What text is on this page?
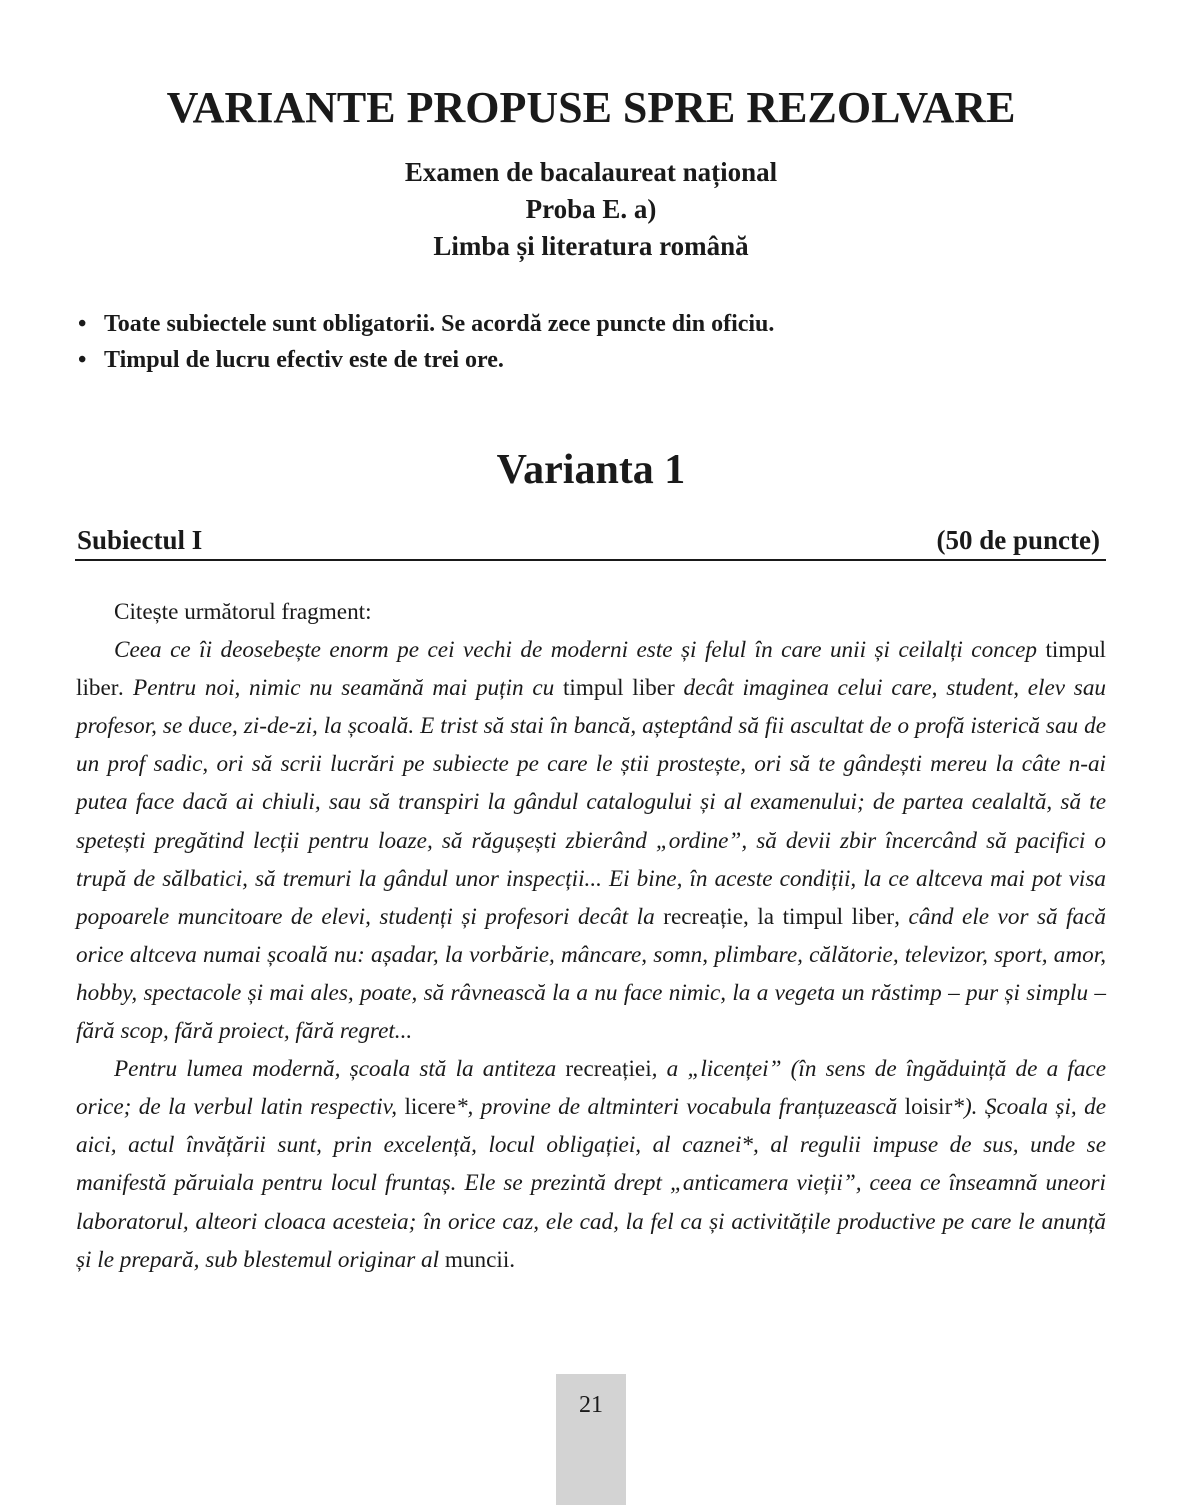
VARIANTE PROPUSE SPRE REZOLVARE
Examen de bacalaureat național
Proba E. a)
Limba și literatura română
• Toate subiectele sunt obligatorii. Se acordă zece puncte din oficiu.
• Timpul de lucru efectiv este de trei ore.
Varianta 1
Subiectul I	(50 de puncte)

Citește următorul fragment:

Ceea ce îi deosebește enorm pe cei vechi de moderni este și felul în care unii și ceilalți concep timpul liber. Pentru noi, nimic nu seamănă mai puțin cu timpul liber decât imaginea celui care, student, elev sau profesor, se duce, zi-de-zi, la școală. E trist să stai în bancă, așteptând să fii ascultat de o profă isterică sau de un prof sadic, ori să scrii lucrări pe subiecte pe care le știi prostește, ori să te gândești mereu la câte n-ai putea face dacă ai chiuli, sau să transpiri la gândul catalogului și al examenului; de partea cealaltă, să te spetești pregătind lecții pentru loaze, să răgușești zbierând „ordine”, să devii zbir încercând să pacifici o trupă de sălbatici, să tremuri la gândul unor inspecții... Ei bine, în aceste condiții, la ce altceva mai pot visa popoarele muncitoare de elevi, studenți și profesori decât la recreație, la timpul liber, când ele vor să facă orice altceva numai școală nu: așadar, la vorbărie, mâncare, somn, plimbare, călătorie, televizor, sport, amor, hobby, spectacole și mai ales, poate, să râvnească la a nu face nimic, la a vegeta un răstimp – pur și simplu – fără scop, fără proiect, fără regret...

Pentru lumea modernă, școala stă la antiteza recreației, a „licenței” (în sens de îngăduință de a face orice; de la verbul latin respectiv, licere*, provine de altminteri vocabula franțuzească loisir*). Școala și, de aici, actul învățării sunt, prin excelență, locul obligației, al caznei*, al regulii impuse de sus, unde se manifestă păruiala pentru locul fruntaș. Ele se prezintă drept „anticamera vieții”, ceea ce înseamnă uneori laboratorul, alteori cloaca acesteia; în orice caz, ele cad, la fel ca și activitățile productive pe care le anunță și le prepară, sub blestemul originar al muncii.

21
